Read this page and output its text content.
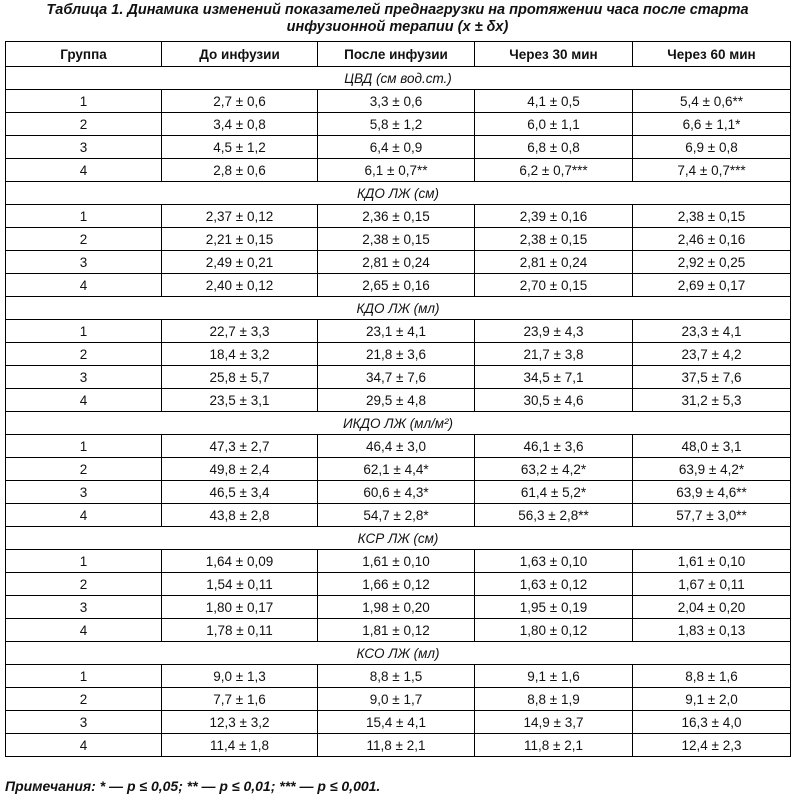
Таблица 1. Динамика изменений показателей преднагрузки на протяжении часа после старта
инфузионной терапии (x ± δx)
Группа	До инфузии	После инфузии	Через 30 мин	Через 60 мин
ЦВД (см вод.ст.)				
1	2,7 ± 0,6	3,3 ± 0,6	4,1 ± 0,5	5,4 ± 0,6**
2	3,4 ± 0,8	5,8 ± 1,2	6,0 ± 1,1	6,6 ± 1,1*
3	4,5 ± 1,2	6,4 ± 0,9	6,8 ± 0,8	6,9 ± 0,8
4	2,8 ± 0,6	6,1 ± 0,7**	6,2 ± 0,7***	7,4 ± 0,7***
КДО ЛЖ (см)				
1	2,37 ± 0,12	2,36 ± 0,15	2,39 ± 0,16	2,38 ± 0,15
2	2,21 ± 0,15	2,38 ± 0,15	2,38 ± 0,15	2,46 ± 0,16
3	2,49 ± 0,21	2,81 ± 0,24	2,81 ± 0,24	2,92 ± 0,25
4	2,40 ± 0,12	2,65 ± 0,16	2,70 ± 0,15	2,69 ± 0,17
КДО ЛЖ (мл)				
1	22,7 ± 3,3	23,1 ± 4,1	23,9 ± 4,3	23,3 ± 4,1
2	18,4 ± 3,2	21,8 ± 3,6	21,7 ± 3,8	23,7 ± 4,2
3	25,8 ± 5,7	34,7 ± 7,6	34,5 ± 7,1	37,5 ± 7,6
4	23,5 ± 3,1	29,5 ± 4,8	30,5 ± 4,6	31,2 ± 5,3
ИКДО ЛЖ (мл/м²)				
1	47,3 ± 2,7	46,4 ± 3,0	46,1 ± 3,6	48,0 ± 3,1
2	49,8 ± 2,4	62,1 ± 4,4*	63,2 ± 4,2*	63,9 ± 4,2*
3	46,5 ± 3,4	60,6 ± 4,3*	61,4 ± 5,2*	63,9 ± 4,6**
4	43,8 ± 2,8	54,7 ± 2,8*	56,3 ± 2,8**	57,7 ± 3,0**
КСР ЛЖ (см)				
1	1,64 ± 0,09	1,61 ± 0,10	1,63 ± 0,10	1,61 ± 0,10
2	1,54 ± 0,11	1,66 ± 0,12	1,63 ± 0,12	1,67 ± 0,11
3	1,80 ± 0,17	1,98 ± 0,20	1,95 ± 0,19	2,04 ± 0,20
4	1,78 ± 0,11	1,81 ± 0,12	1,80 ± 0,12	1,83 ± 0,13
КСО ЛЖ (мл)				
1	9,0 ± 1,3	8,8 ± 1,5	9,1 ± 1,6	8,8 ± 1,6
2	7,7 ± 1,6	9,0 ± 1,7	8,8 ± 1,9	9,1 ± 2,0
3	12,3 ± 3,2	15,4 ± 4,1	14,9 ± 3,7	16,3 ± 4,0
4	11,4 ± 1,8	11,8 ± 2,1	11,8 ± 2,1	12,4 ± 2,3
Примечания: * — p ≤ 0,05; ** — p ≤ 0,01; *** — p ≤ 0,001.
